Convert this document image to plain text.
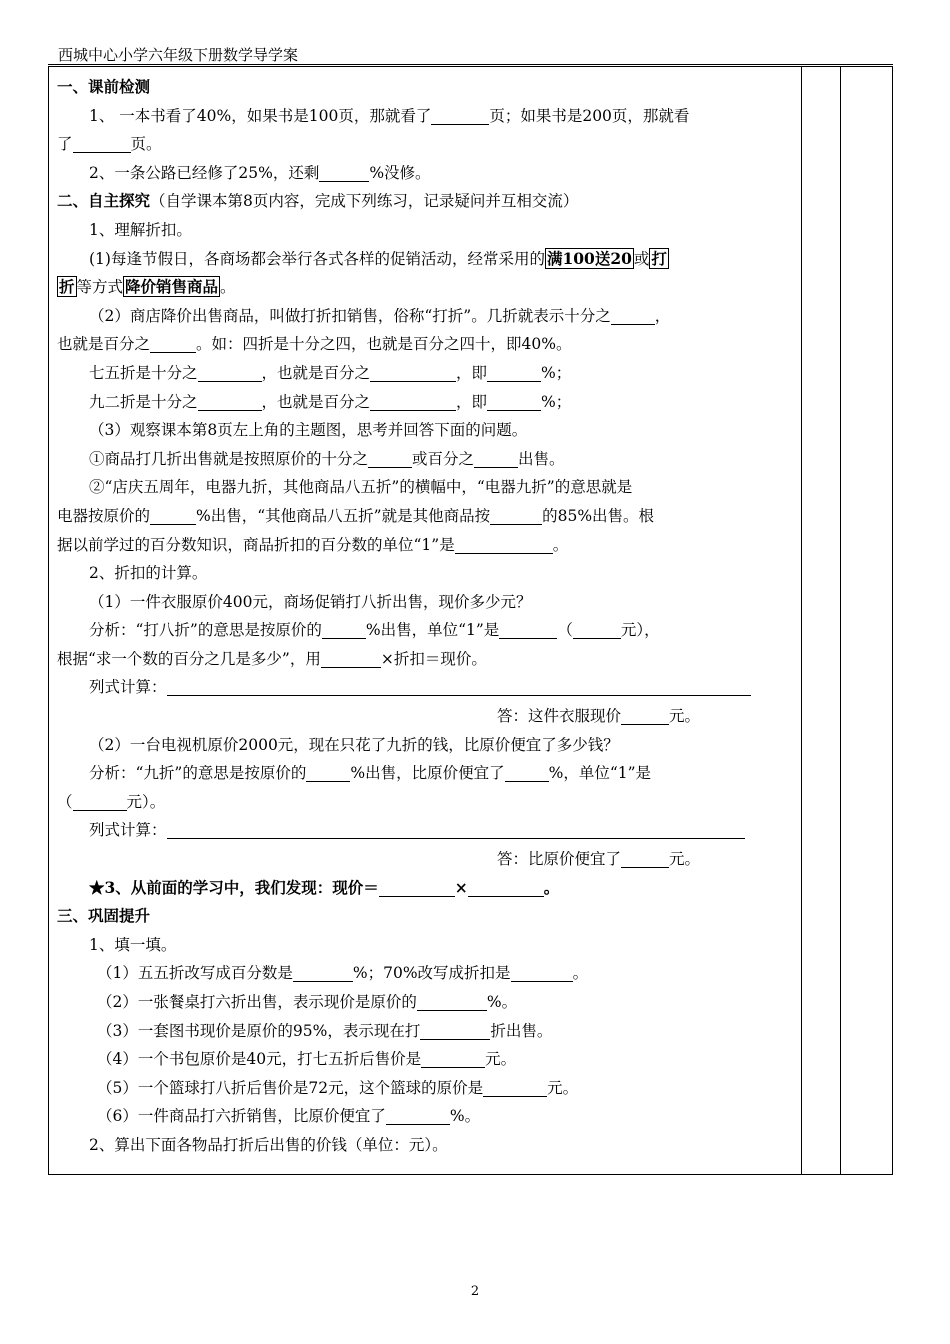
西城中心小学六年级下册数学导学案
一、课前检测
1、 一本书看了40%，如果书是100页，那就看了	页；如果书是200页，那就看
了	页。
2、一条公路已经修了25%，还剩	%没修。
二、自主探究（自学课本第8页内容，完成下列练习，记录疑问并互相交流）
1、理解折扣。
(1)每逢节假日，各商场都会举行各式各样的促销活动，经常采用的 满100送20 或 打
折 等方式 降价销售商品 。
（2）商店降价出售商品，叫做打折扣销售，俗称“打折”。几折就表示十分之	，
也就是百分之	。如：四折是十分之四，也就是百分之四十，即40%。
七五折是十分之	，也就是百分之	，即	%；
九二折是十分之	，也就是百分之	，即	%；
（3）观察课本第8页左上角的主题图，思考并回答下面的问题。
①商品打几折出售就是按照原价的十分之	或百分之	出售。
②“店庆五周年，电器九折，其他商品八五折”的横幅中，“电器九折”的意思就是
电器按原价的	%出售，“其他商品八五折”就是其他商品按	的85%出售。根
据以前学过的百分数知识，商品折扣的百分数的单位“1”是	。
2、折扣的计算。
（1）一件衣服原价400元，商场促销打八折出售，现价多少元？
分析：“打八折”的意思是按原价的	%出售，单位“1”是	（	元），
根据“求一个数的百分之几是多少”，用	×折扣＝现价。
列式计算：
答：这件衣服现价	元。
（2）一台电视机原价2000元，现在只花了九折的钱，比原价便宜了多少钱？
分析：“九折”的意思是按原价的	%出售，比原价便宜了	%，单位“1”是
（	元）。
列式计算：
答：比原价便宜了	元。
★3、从前面的学习中，我们发现：现价＝	×	。
三、巩固提升
1、填一填。
（1）五五折改写成百分数是	%；70%改写成折扣是	。
（2）一张餐桌打六折出售，表示现价是原价的	%。
（3）一套图书现价是原价的95%，表示现在打	折出售。
（4）一个书包原价是40元，打七五折后售价是	元。
（5）一个篮球打八折后售价是72元，这个篮球的原价是	元。
（6）一件商品打六折销售，比原价便宜了	%。
2、算出下面各物品打折后出售的价钱（单位：元）。
2
